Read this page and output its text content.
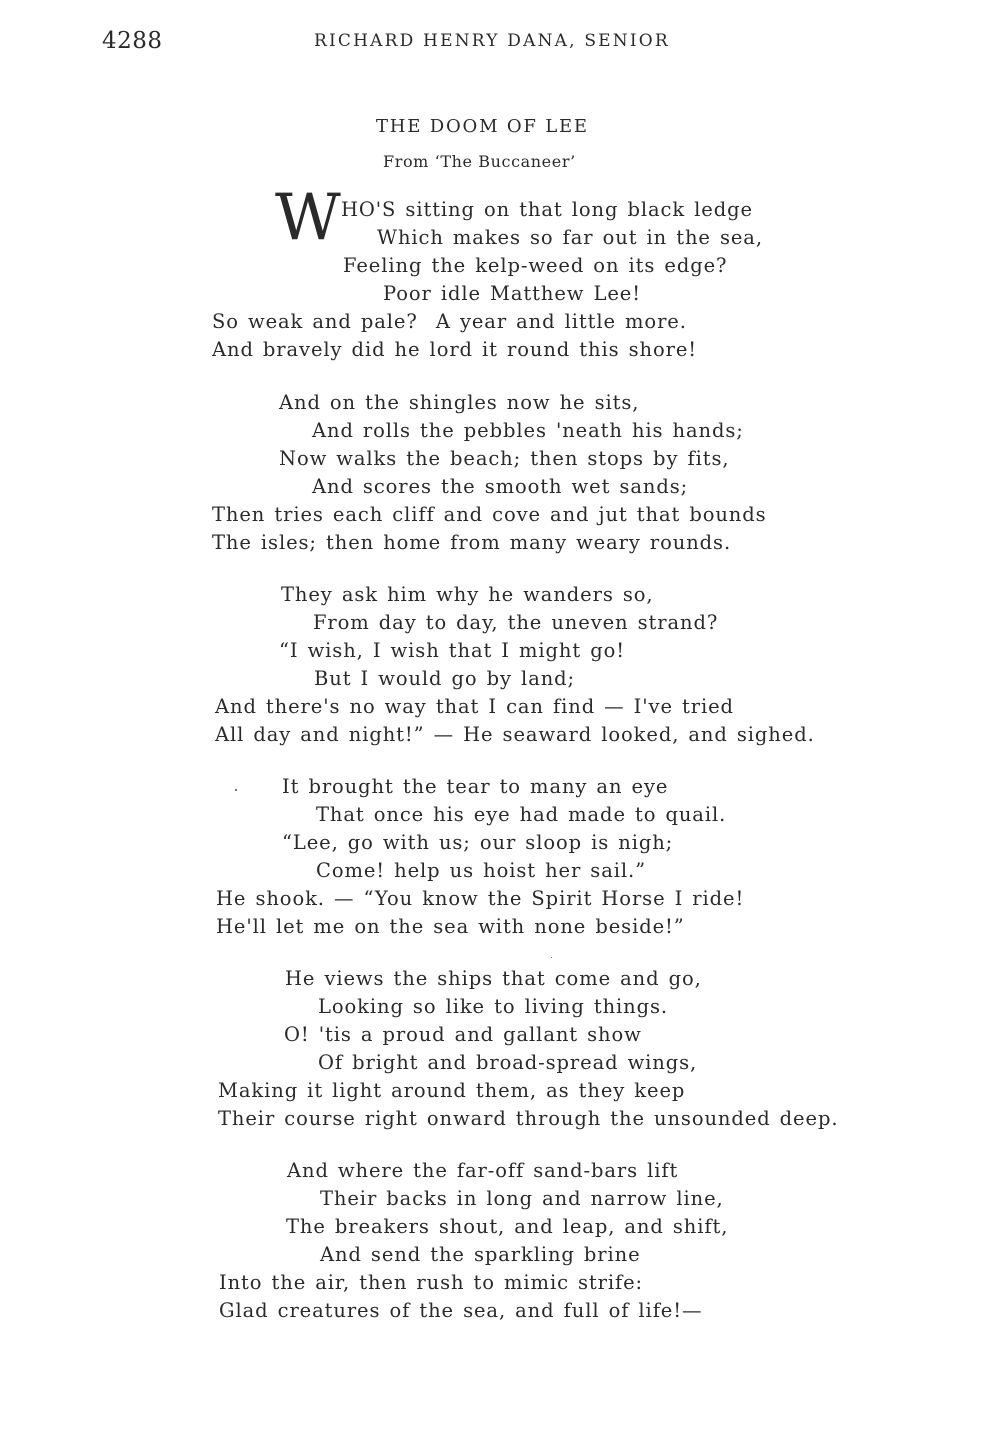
4288	RICHARD HENRY DANA, SENIOR
THE DOOM OF LEE
From ‘The Buccaneer’
W HO'S sitting on that long black ledge
Which makes so far out in the sea,
Feeling the kelp-weed on its edge?
Poor idle Matthew Lee!
So weak and pale?  A year and little more.
And bravely did he lord it round this shore!
And on the shingles now he sits,
And rolls the pebbles 'neath his hands;
Now walks the beach; then stops by fits,
And scores the smooth wet sands;
Then tries each cliff and cove and jut that bounds
The isles; then home from many weary rounds.
They ask him why he wanders so,
From day to day, the uneven strand?
“I wish, I wish that I might go!
But I would go by land;
And there's no way that I can find — I've tried
All day and night!” — He seaward looked, and sighed.
It brought the tear to many an eye
That once his eye had made to quail.
“Lee, go with us; our sloop is nigh;
Come! help us hoist her sail.”
He shook. — “You know the Spirit Horse I ride!
He'll let me on the sea with none beside!”
He views the ships that come and go,
Looking so like to living things.
O! 'tis a proud and gallant show
Of bright and broad-spread wings,
Making it light around them, as they keep
Their course right onward through the unsounded deep.
And where the far-off sand-bars lift
Their backs in long and narrow line,
The breakers shout, and leap, and shift,
And send the sparkling brine
Into the air, then rush to mimic strife:
Glad creatures of the sea, and full of life!—
